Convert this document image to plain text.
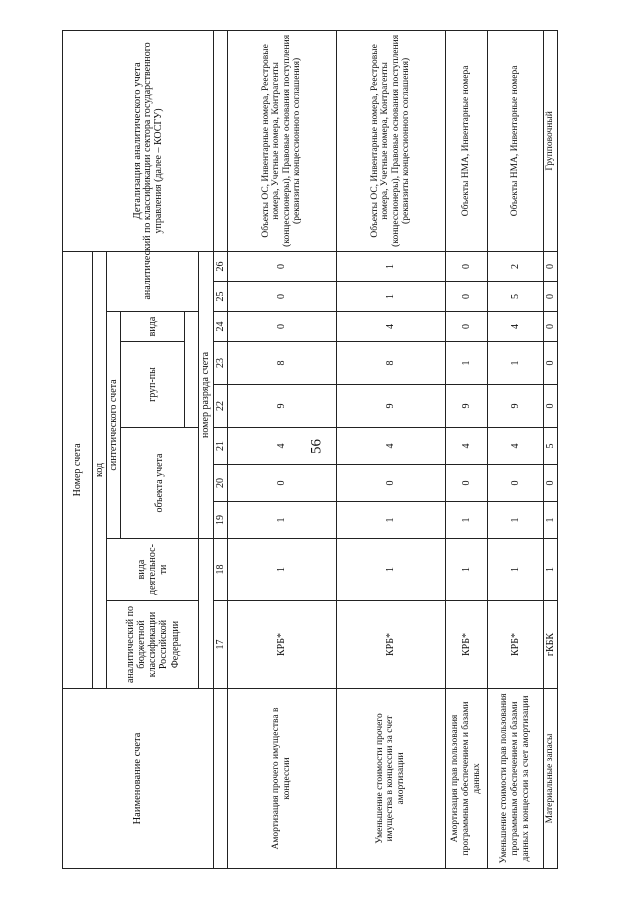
56
Наименование счета	Номер счета										Детализация аналитического учета
	код										
	аналитический по бюджетной классификации Российской Федерации	вида деятельнос-ти	синтетического счета						аналитический по классификации сектора государственного управления (далее – КОСГУ)		
			объекта учета			груп-пы		вида			

			номер разряда счета								
	17	18	19	20	21	22	23	24	25	26	
Амортизация прочего имущества в концессии	КРБ*	1	1	0	4	9	8	0	0	0	Объекты ОС, Инвентарные номера, Реестровые номера, Учетные номера, Контрагенты (концессионеры), Правовые основания поступления (реквизиты концессионного соглашения)
Уменьшение стоимости прочего имущества в концессии за счет амортизации	КРБ*	1	1	0	4	9	8	4	1	1	Объекты ОС, Инвентарные номера, Реестровые номера, Учетные номера, Контрагенты (концессионеры), Правовые основания поступления (реквизиты концессионного соглашения)
Амортизация прав пользования программным обеспечением и базами данных	КРБ*	1	1	0	4	9	1	0	0	0	Объекты НМА, Инвентарные номера
Уменьшение стоимости прав пользования программным обеспечением и базами данных в концессии за счет амортизации	КРБ*	1	1	0	4	9	1	4	5	2	Объекты НМА, Инвентарные номера
Материальные запасы	гКБК	1	1	0	5	0	0	0	0	0	Групповочный
